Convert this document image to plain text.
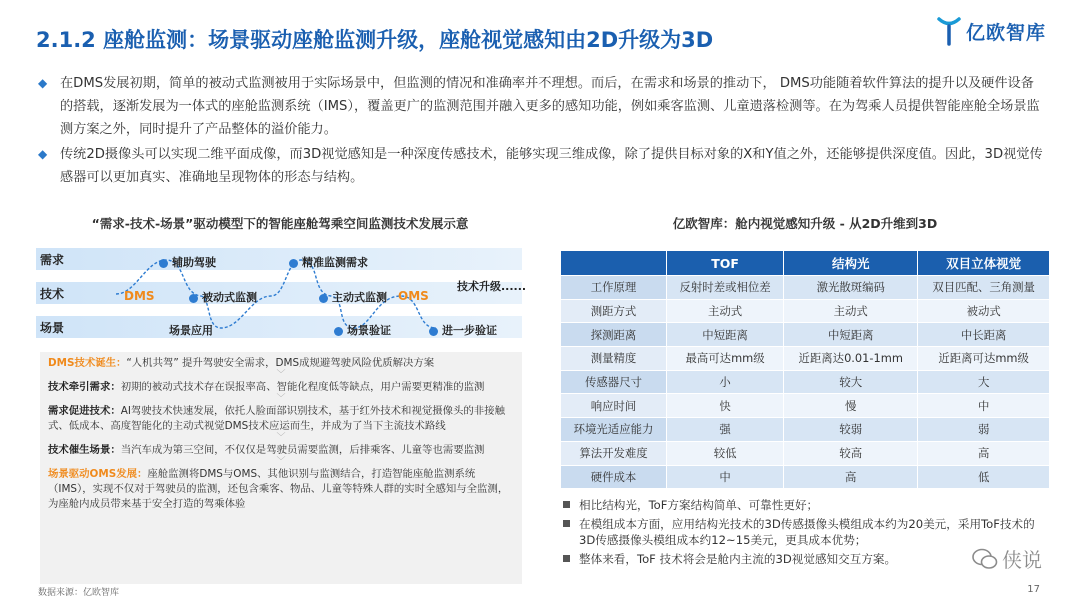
2.1.2 座舱监测：场景驱动座舱监测升级，座舱视觉感知由2D升级为3D	亿欧智库
◆ 在DMS发展初期，简单的被动式监测被用于实际场景中，但监测的情况和准确率并不理想。而后，在需求和场景的推动下， DMS功能随着软件算法的提升以及硬件设备的搭载，逐渐发展为一体式的座舱监测系统（IMS），覆盖更广的监测范围并融入更多的感知功能，例如乘客监测、儿童遗落检测等。在为驾乘人员提供智能座舱全场景监测方案之外，同时提升了产品整体的溢价能力。
◆ 传统2D摄像头可以实现二维平面成像，而3D视觉感知是一种深度传感技术，能够实现三维成像，除了提供目标对象的X和Y值之外，还能够提供深度值。因此，3D视觉传感器可以更加真实、准确地呈现物体的形态与结构。
“需求-技术-场景”驱动模型下的智能座舱驾乘空间监测技术发展示意
需求
技术
场景
DMS
辅助驾驶	精准监测需求
被动式监测	主动式监测 OMS
技术升级......
场景应用	场景验证	进一步验证

DMS技术诞生：“人机共驾” 提升驾驶安全需求，DMS成规避驾驶风险优质解决方案

﹀

技术牵引需求：初期的被动式技术存在误报率高、智能化程度低等缺点，用户需要更精准的监测

﹀

需求促进技术：AI驾驶技术快速发展，依托人脸面部识别技术，基于红外技术和视觉摄像头的非接触式、低成本、高度智能化的主动式视觉DMS技术应运而生，并成为了当下主流技术路线

﹀

技术催生场景：当汽车成为第三空间，不仅仅是驾驶员需要监测，后排乘客、儿童等也需要监测

﹀

场景驱动OMS发展：座舱监测将DMS与OMS、其他识别与监测结合，打造智能座舱监测系统（IMS），实现不仅对于驾驶员的监测，还包含乘客、物品、儿童等特殊人群的实时全感知与全监测，为座舱内成员带来基于安全打造的驾乘体验

亿欧智库：舱内视觉感知升级 - 从2D升维到3D
	TOF	结构光	双目立体视觉
工作原理	反射时差或相位差	激光散斑编码	双目匹配、三角测量
测距方式	主动式	主动式	被动式
探测距离	中短距离	中短距离	中长距离
测量精度	最高可达mm级	近距离达0.01-1mm	近距离可达mm级
传感器尺寸	小	较大	大
响应时间	快	慢	中
环境光适应能力	强	较弱	弱
算法开发难度	较低	较高	高
硬件成本	中	高	低
相比结构光，ToF方案结构简单、可靠性更好；
在模组成本方面，应用结构光技术的3D传感摄像头模组成本约为20美元，采用ToF技术的3D传感摄像头模组成本约12~15美元，更具成本优势；
整体来看，ToF 技术将会是舱内主流的3D视觉感知交互方案。	侠说
数据来源：亿欧智库	17
